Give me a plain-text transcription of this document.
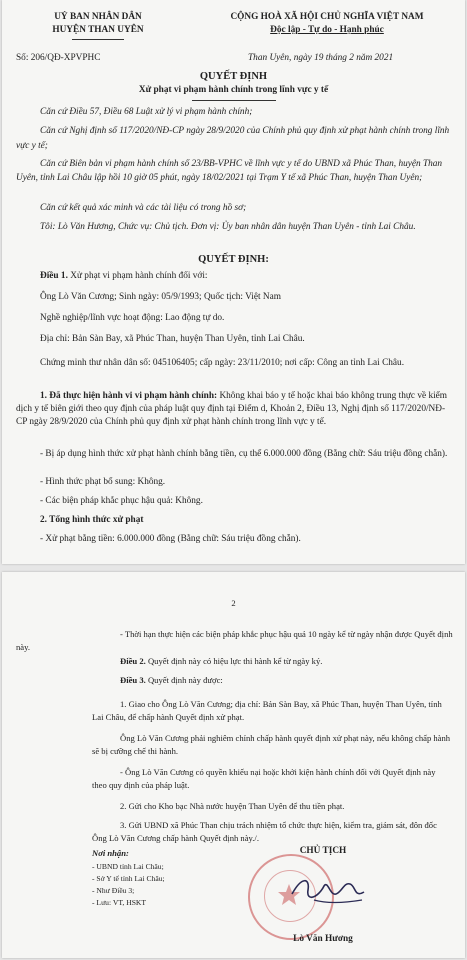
UỶ BAN NHÂN DÂN
HUYỆN THAN UYÊN
CỘNG HOÀ XÃ HỘI CHỦ NGHĨA VIỆT NAM
Độc lập - Tự do - Hạnh phúc
Số: 206/QĐ-XPVPHC	Than Uyên, ngày 19 tháng 2 năm 2021
QUYẾT ĐỊNH
Xử phạt vi phạm hành chính trong lĩnh vực y tế
Căn cứ Điều 57, Điều 68 Luật xử lý vi phạm hành chính;
Căn cứ Nghị định số 117/2020/NĐ-CP ngày 28/9/2020 của Chính phủ quy định xử phạt hành chính trong lĩnh vực y tế;
Căn cứ Biên bản vi phạm hành chính số 23/BB-VPHC về lĩnh vực y tế do UBND xã Phúc Than, huyện Than Uyên, tỉnh Lai Châu lập hồi 10 giờ 05 phút, ngày 18/02/2021 tại Trạm Y tế xã Phúc Than, huyện Than Uyên;
Căn cứ kết quả xác minh và các tài liệu có trong hồ sơ;
Tôi: Lò Văn Hương, Chức vụ: Chủ tịch. Đơn vị: Ủy ban nhân dân huyện Than Uyên - tỉnh Lai Châu.
QUYẾT ĐỊNH:
Điều 1. Xử phạt vi phạm hành chính đối với:
Ông Lò Văn Cương; Sinh ngày: 05/9/1993; Quốc tịch: Việt Nam
Nghề nghiệp/lĩnh vực hoạt động: Lao động tự do.
Địa chỉ: Bản Sàn Bay, xã Phúc Than, huyện Than Uyên, tỉnh Lai Châu.
Chứng minh thư nhân dân số: 045106405; cấp ngày: 23/11/2010; nơi cấp: Công an tỉnh Lai Châu.
1. Đã thực hiện hành vi vi phạm hành chính: Không khai báo y tế hoặc khai báo không trung thực về kiểm dịch y tế biên giới theo quy định của pháp luật quy định tại Điểm d, Khoản 2, Điều 13, Nghị định số 117/2020/NĐ-CP ngày 28/9/2020 của Chính phủ quy định xử phạt hành chính trong lĩnh vực y tế.
- Bị áp dụng hình thức xử phạt hành chính bằng tiền, cụ thể 6.000.000 đồng (Bằng chữ: Sáu triệu đồng chẵn).
- Hình thức phạt bổ sung: Không.
- Các biện pháp khắc phục hậu quả: Không.
2. Tổng hình thức xử phạt
- Xử phạt bằng tiền: 6.000.000 đồng (Bằng chữ: Sáu triệu đồng chẵn).
2
- Thời hạn thực hiện các biện pháp khắc phục hậu quả 10 ngày kể từ ngày nhận được Quyết định này.
Điều 2. Quyết định này có hiệu lực thi hành kể từ ngày ký.
Điều 3. Quyết định này được:
1. Giao cho Ông Lò Văn Cương; địa chỉ: Bản Sàn Bay, xã Phúc Than, huyện Than Uyên, tỉnh Lai Châu, để chấp hành Quyết định xử phạt.
Ông Lò Văn Cương phải nghiêm chỉnh chấp hành quyết định xử phạt này, nếu không chấp hành sẽ bị cưỡng chế thi hành.
- Ông Lò Văn Cương có quyền khiếu nại hoặc khởi kiện hành chính đối với Quyết định này theo quy định của pháp luật.
2. Gửi cho Kho bạc Nhà nước huyện Than Uyên để thu tiền phạt.
3. Gửi UBND xã Phúc Than chịu trách nhiệm tổ chức thực hiện, kiểm tra, giám sát, đôn đốc Ông Lò Văn Cương chấp hành Quyết định này./.
Nơi nhận:
- UBND tỉnh Lai Châu;
- Sở Y tế tỉnh Lai Châu;
- Như Điều 3;
- Lưu: VT, HSKT
CHỦ TỊCH
Lò Văn Hương
